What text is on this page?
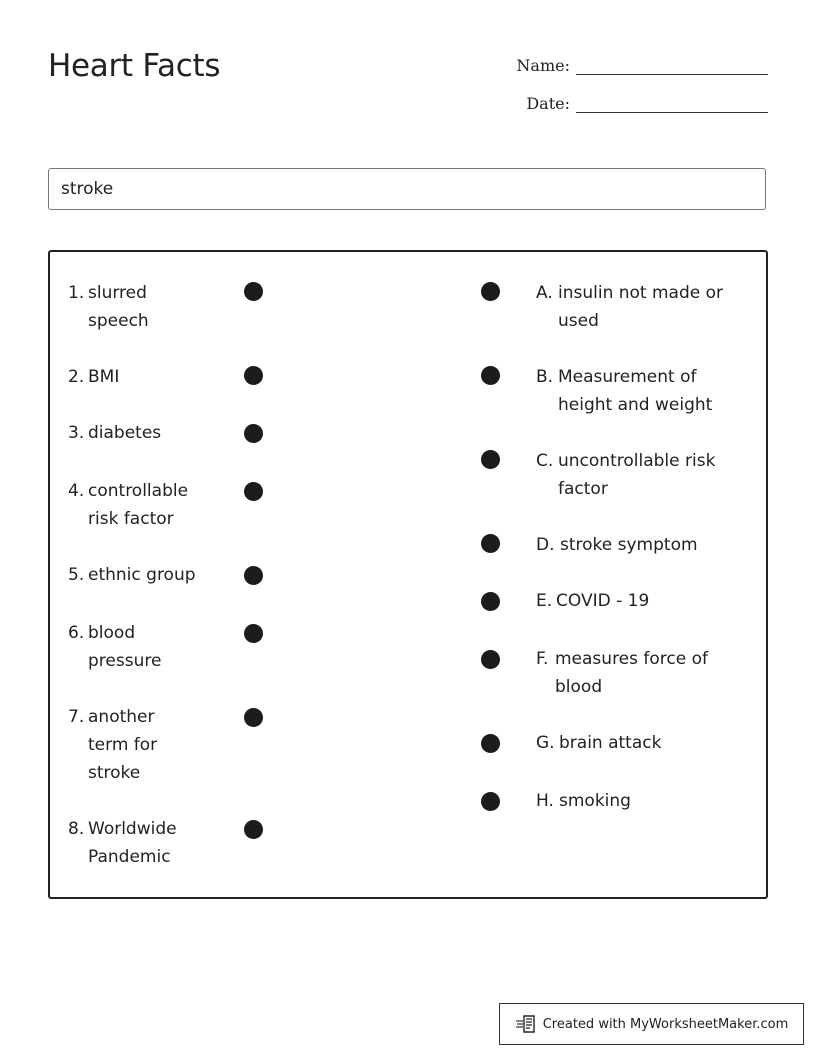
Heart Facts	Name:
Date:
stroke
1. slurred speech
2. BMI
3. diabetes
4. controllable risk factor
5. ethnic group
6. blood pressure
7. another term for stroke
8. Worldwide Pandemic
A. insulin not made or used
B. Measurement of height and weight
C. uncontrollable risk factor
D. stroke symptom
E. COVID - 19
F. measures force of blood
G. brain attack
H. smoking
Created with MyWorksheetMaker.com
